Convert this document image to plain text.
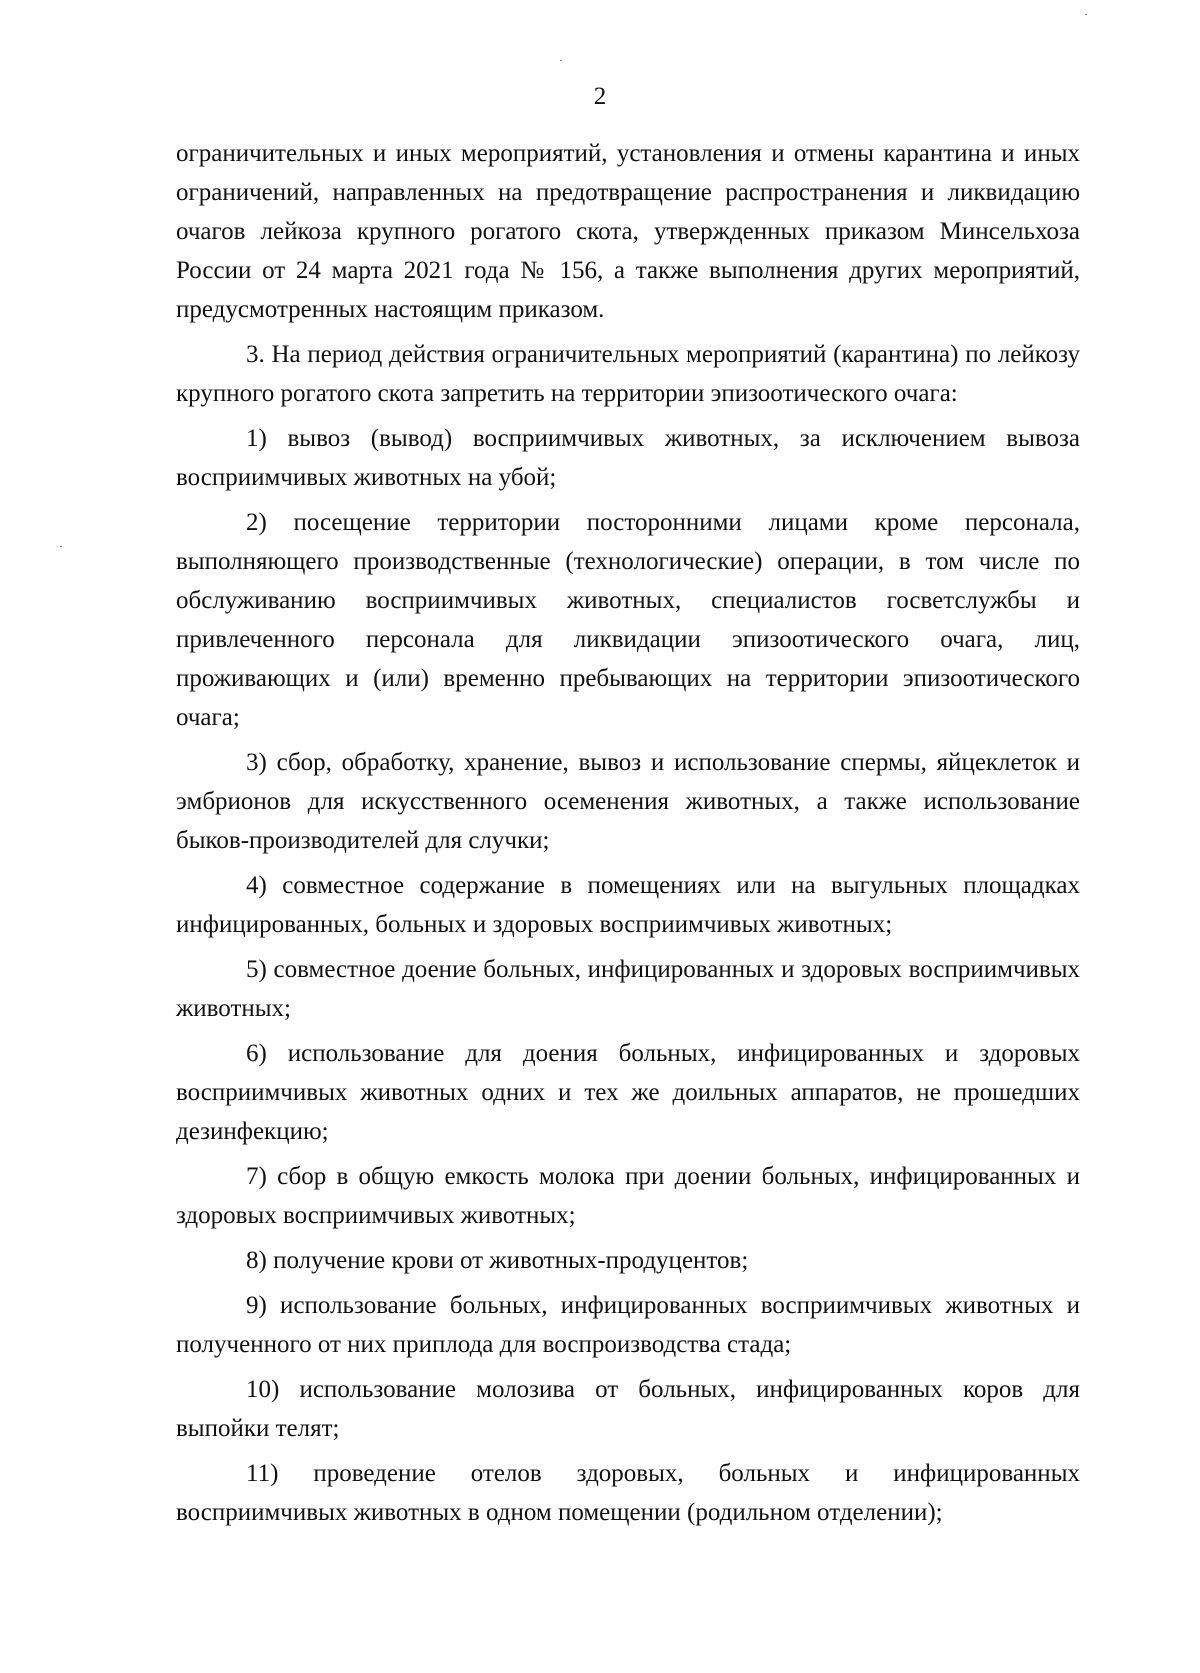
2

ограничительных и иных мероприятий, установления и отмены карантина и иных ограничений, направленных на предотвращение распространения и ликвидацию очагов лейкоза крупного рогатого скота, утвержденных приказом Минсельхоза России от 24 марта 2021 года № 156, а также выполнения других мероприятий, предусмотренных настоящим приказом.

3. На период действия ограничительных мероприятий (карантина) по лейкозу крупного рогатого скота запретить на территории эпизоотического очага:

1) вывоз (вывод) восприимчивых животных, за исключением вывоза восприимчивых животных на убой;

2) посещение территории посторонними лицами кроме персонала, выполняющего производственные (технологические) операции, в том числе по обслуживанию восприимчивых животных, специалистов госветслужбы и привлеченного персонала для ликвидации эпизоотического очага, лиц, проживающих и (или) временно пребывающих на территории эпизоотического очага;

3) сбор, обработку, хранение, вывоз и использование спермы, яйцеклеток и эмбрионов для искусственного осеменения животных, а также использование быков-производителей для случки;

4) совместное содержание в помещениях или на выгульных площадках инфицированных, больных и здоровых восприимчивых животных;

5) совместное доение больных, инфицированных и здоровых восприимчивых животных;

6) использование для доения больных, инфицированных и здоровых восприимчивых животных одних и тех же доильных аппаратов, не прошедших дезинфекцию;

7) сбор в общую емкость молока при доении больных, инфицированных и здоровых восприимчивых животных;

8) получение крови от животных-продуцентов;

9) использование больных, инфицированных восприимчивых животных и полученного от них приплода для воспроизводства стада;

10) использование молозива от больных, инфицированных коров для выпойки телят;

11) проведение отелов здоровых, больных и инфицированных восприимчивых животных в одном помещении (родильном отделении);
